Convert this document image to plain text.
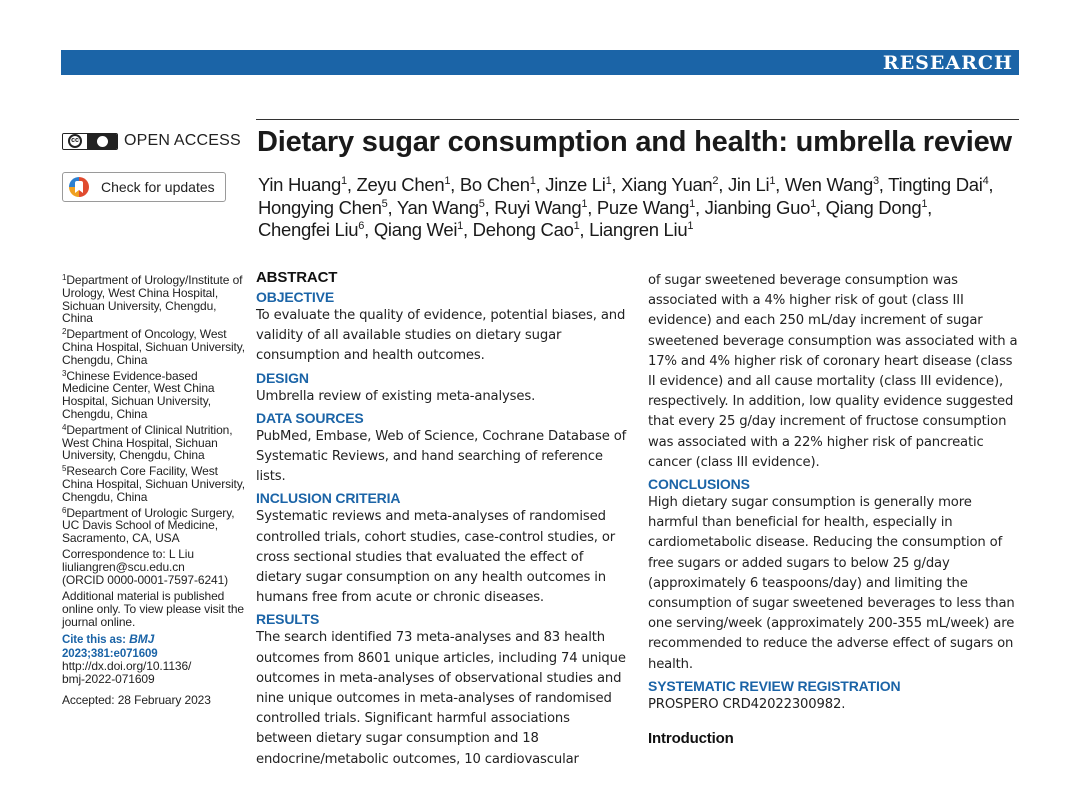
RESEARCH
cc	OPEN ACCESS
Check for updates
Dietary sugar consumption and health: umbrella review
Yin Huang$^1$, Zeyu Chen$^1$, Bo Chen$^1$, Jinze Li$^1$, Xiang Yuan$^2$, Jin Li$^1$, Wen Wang$^3$, Tingting Dai$^4$, Hongying Chen$^5$, Yan Wang$^5$, Ruyi Wang$^1$, Puze Wang$^1$, Jianbing Guo$^1$, Qiang Dong$^1$, Chengfei Liu$^6$, Qiang Wei$^1$, Dehong Cao$^1$, Liangren Liu$^1$
$^1$Department of Urology/Institute of Urology, West China Hospital, Sichuan University, Chengdu, China
$^2$Department of Oncology, West China Hospital, Sichuan University, Chengdu, China
$^3$Chinese Evidence-based Medicine Center, West China Hospital, Sichuan University, Chengdu, China
$^4$Department of Clinical Nutrition, West China Hospital, Sichuan University, Chengdu, China
$^5$Research Core Facility, West China Hospital, Sichuan University, Chengdu, China
$^6$Department of Urologic Surgery, UC Davis School of Medicine, Sacramento, CA, USA
Correspondence to: L Liu
liuliangren@scu.edu.cn
(ORCID 0000-0001-7597-6241)
Additional material is published online only. To view please visit the journal online.
Cite this as: BMJ 2023;381:e071609
http://dx.doi.org/10.1136/
bmj-2022-071609
Accepted: 28 February 2023
ABSTRACT
OBJECTIVE

To evaluate the quality of evidence, potential biases, and validity of all available studies on dietary sugar consumption and health outcomes.

DESIGN

Umbrella review of existing meta-analyses.

DATA SOURCES

PubMed, Embase, Web of Science, Cochrane Database of Systematic Reviews, and hand searching of reference lists.

INCLUSION CRITERIA

Systematic reviews and meta-analyses of randomised controlled trials, cohort studies, case-control studies, or cross sectional studies that evaluated the effect of dietary sugar consumption on any health outcomes in humans free from acute or chronic diseases.

RESULTS

The search identified 73 meta-analyses and 83 health outcomes from 8601 unique articles, including 74 unique outcomes in meta-analyses of observational studies and nine unique outcomes in meta-analyses of randomised controlled trials. Significant harmful associations between dietary sugar consumption and 18 endocrine/metabolic outcomes, 10 cardiovascular

of sugar sweetened beverage consumption was associated with a 4% higher risk of gout (class III evidence) and each 250 mL/day increment of sugar sweetened beverage consumption was associated with a 17% and 4% higher risk of coronary heart disease (class II evidence) and all cause mortality (class III evidence), respectively. In addition, low quality evidence suggested that every 25 g/day increment of fructose consumption was associated with a 22% higher risk of pancreatic cancer (class III evidence).

CONCLUSIONS

High dietary sugar consumption is generally more harmful than beneficial for health, especially in cardiometabolic disease. Reducing the consumption of free sugars or added sugars to below 25 g/day (approximately 6 teaspoons/day) and limiting the consumption of sugar sweetened beverages to less than one serving/week (approximately 200-355 mL/week) are recommended to reduce the adverse effect of sugars on health.

SYSTEMATIC REVIEW REGISTRATION

PROSPERO CRD42022300982.

Introduction
